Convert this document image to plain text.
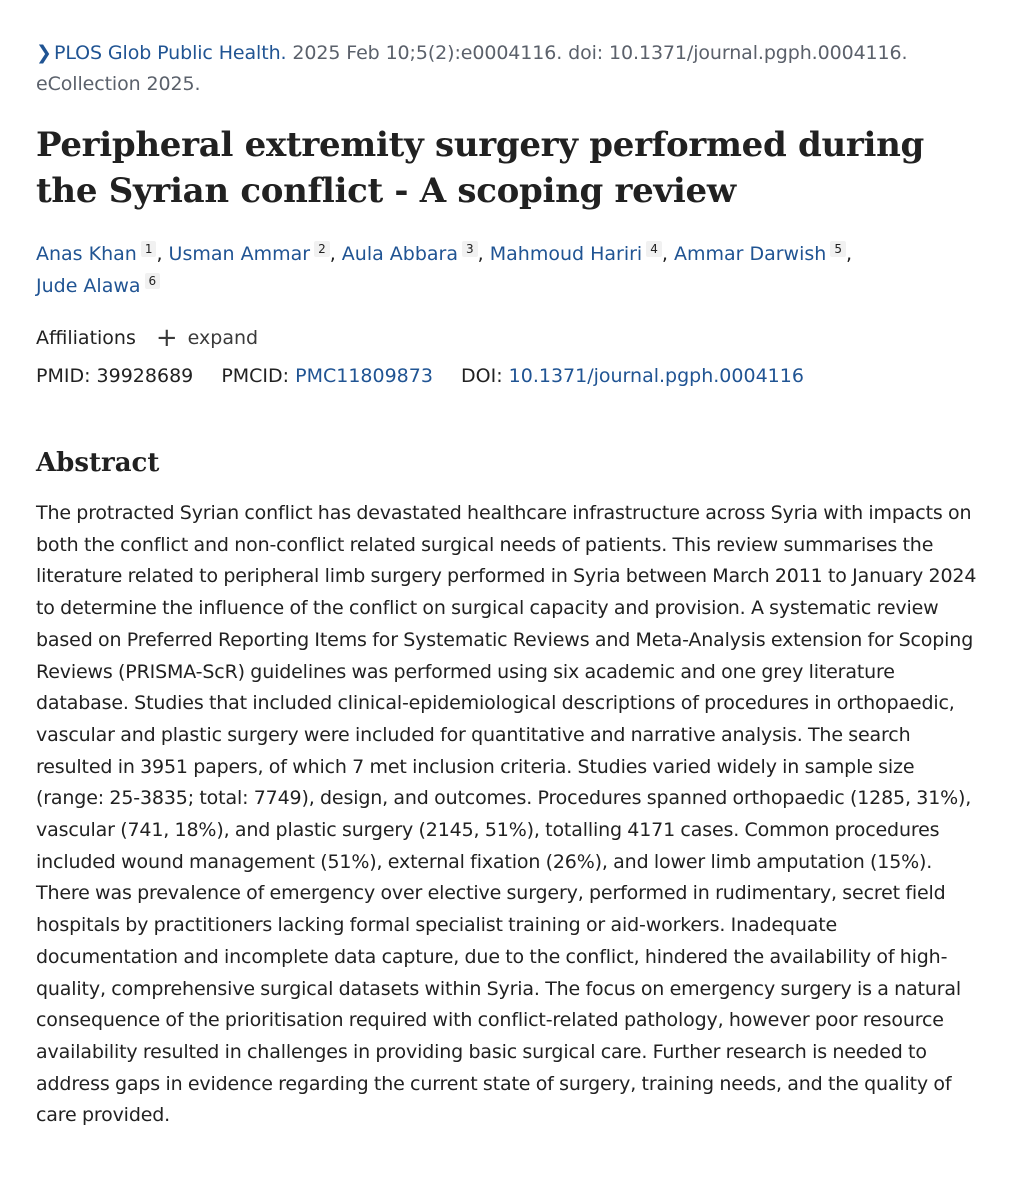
❯ PLOS Glob Public Health. 2025 Feb 10;5(2):e0004116. doi: 10.1371/journal.pgph.0004116. eCollection 2025.
Peripheral extremity surgery performed during the Syrian conflict - A scoping review
Anas Khan 1 , Usman Ammar 2 , Aula Abbara 3 , Mahmoud Hariri 4 , Ammar Darwish 5 ,
Jude Alawa 6
Affiliations + expand
PMID: 39928689 PMCID: PMC11809873 DOI: 10.1371/journal.pgph.0004116
Abstract

The protracted Syrian conflict has devastated healthcare infrastructure across Syria with impacts on both the conflict and non-conflict related surgical needs of patients. This review summarises the literature related to peripheral limb surgery performed in Syria between March 2011 to January 2024 to determine the influence of the conflict on surgical capacity and provision. A systematic review based on Preferred Reporting Items for Systematic Reviews and Meta-Analysis extension for Scoping Reviews (PRISMA-ScR) guidelines was performed using six academic and one grey literature database. Studies that included clinical-epidemiological descriptions of procedures in orthopaedic, vascular and plastic surgery were included for quantitative and narrative analysis. The search resulted in 3951 papers, of which 7 met inclusion criteria. Studies varied widely in sample size (range: 25-3835; total: 7749), design, and outcomes. Procedures spanned orthopaedic (1285, 31%), vascular (741, 18%), and plastic surgery (2145, 51%), totalling 4171 cases. Common procedures included wound management (51%), external fixation (26%), and lower limb amputation (15%). There was prevalence of emergency over elective surgery, performed in rudimentary, secret field hospitals by practitioners lacking formal specialist training or aid-workers. Inadequate documentation and incomplete data capture, due to the conflict, hindered the availability of high-quality, comprehensive surgical datasets within Syria. The focus on emergency surgery is a natural consequence of the prioritisation required with conflict-related pathology, however poor resource availability resulted in challenges in providing basic surgical care. Further research is needed to address gaps in evidence regarding the current state of surgery, training needs, and the quality of care provided.
